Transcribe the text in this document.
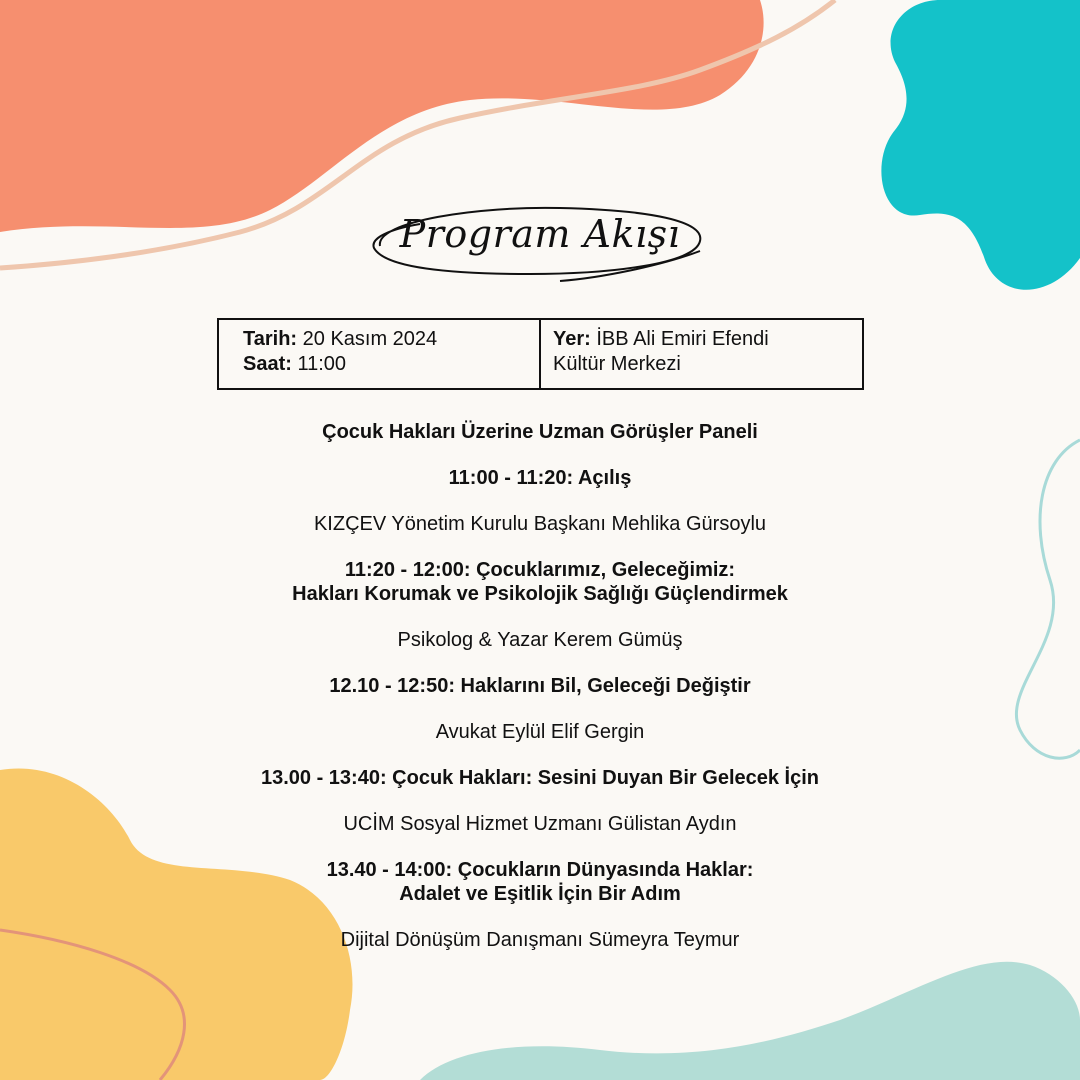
Program Akışı
Tarih: 20 Kasım 2024
Saat: 11:00
Yer: İBB Ali Emiri Efendi
Kültür Merkezi

Çocuk Hakları Üzerine Uzman Görüşler Paneli

11:00 - 11:20: Açılış

KIZÇEV Yönetim Kurulu Başkanı Mehlika Gürsoylu

11:20 - 12:00: Çocuklarımız, Geleceğimiz:

Hakları Korumak ve Psikolojik Sağlığı Güçlendirmek

Psikolog & Yazar Kerem Gümüş

12.10 - 12:50: Haklarını Bil, Geleceği Değiştir

Avukat Eylül Elif Gergin

13.00 - 13:40: Çocuk Hakları: Sesini Duyan Bir Gelecek İçin

UCİM Sosyal Hizmet Uzmanı Gülistan Aydın

13.40 - 14:00: Çocukların Dünyasında Haklar:

Adalet ve Eşitlik İçin Bir Adım

Dijital Dönüşüm Danışmanı Sümeyra Teymur
